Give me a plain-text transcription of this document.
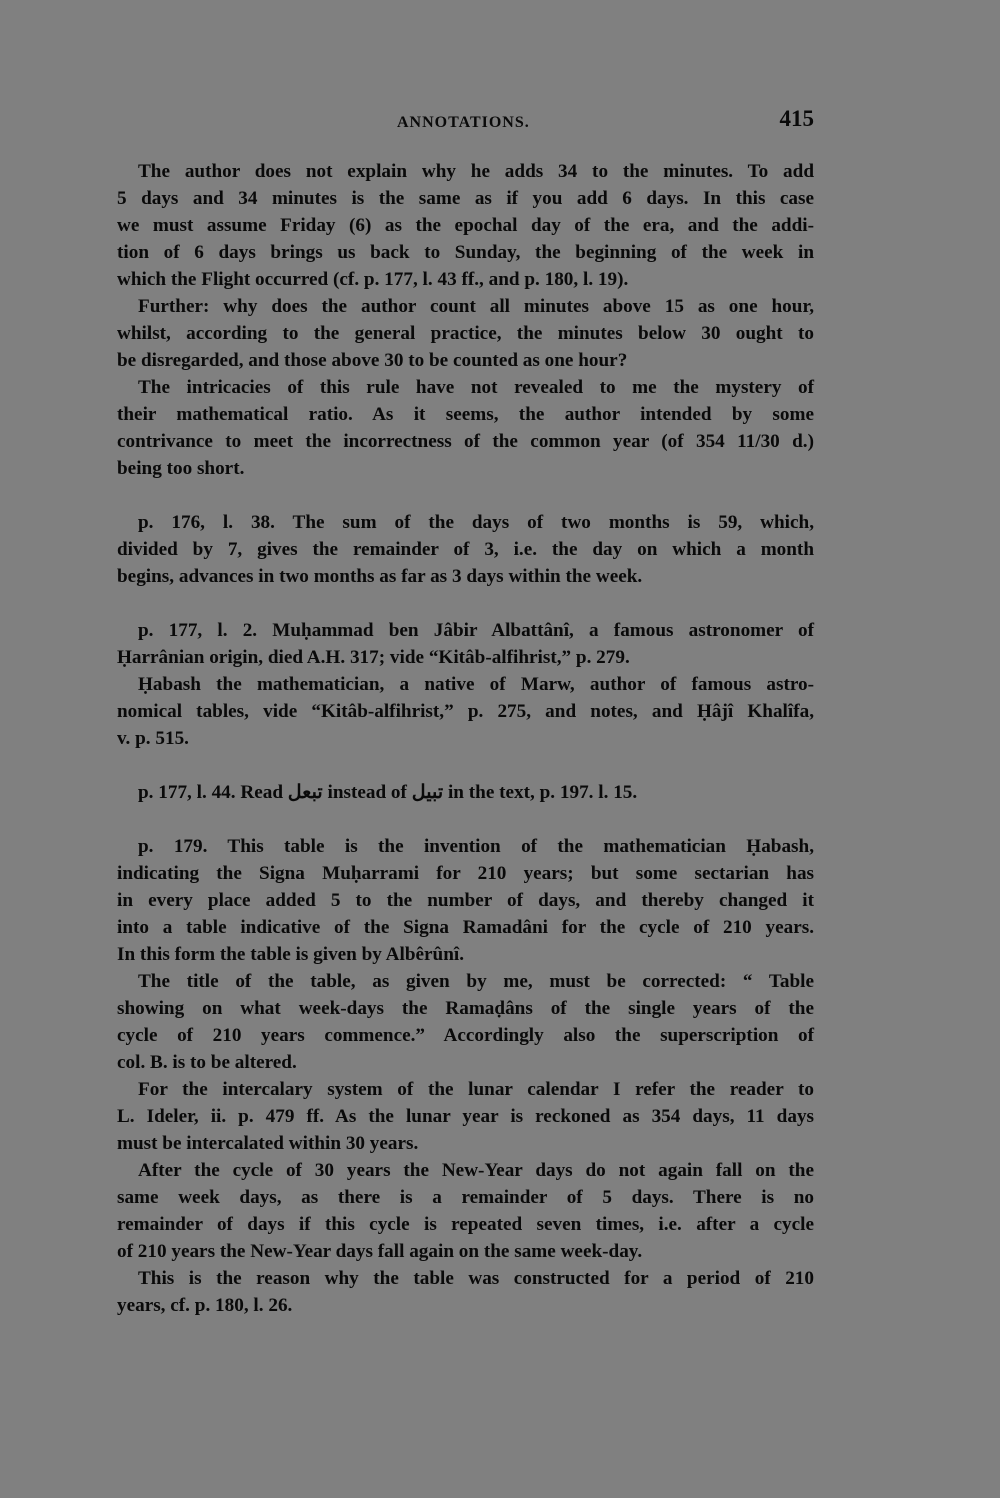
ANNOTATIONS.	415

The author does not explain why he adds 34 to the minutes. To add
5 days and 34 minutes is the same as if you add 6 days. In this case
we must assume Friday (6) as the epochal day of the era, and the addi-
tion of 6 days brings us back to Sunday, the beginning of the week in
which the Flight occurred (cf. p. 177, l. 43 ff., and p. 180, l. 19).

Further: why does the author count all minutes above 15 as one hour,
whilst, according to the general practice, the minutes below 30 ought to
be disregarded, and those above 30 to be counted as one hour?

The intricacies of this rule have not revealed to me the mystery of
their mathematical ratio. As it seems, the author intended by some
contrivance to meet the incorrectness of the common year (of 354 11/30 d.)
being too short.

p. 176, l. 38. The sum of the days of two months is 59, which,
divided by 7, gives the remainder of 3, i.e. the day on which a month
begins, advances in two months as far as 3 days within the week.

p. 177, l. 2. Muḥammad ben Jâbir Albattânî, a famous astronomer of
Ḥarrânian origin, died A.H. 317; vide “Kitâb-alfihrist,” p. 279.

Ḥabash the mathematician, a native of Marw, author of famous astro-
nomical tables, vide “Kitâb-alfihrist,” p. 275, and notes, and Ḥâjî Khalîfa,
v. p. 515.

p. 177, l. 44. Read تبعل instead of تبيل in the text, p. 197. l. 15.

p. 179. This table is the invention of the mathematician Ḥabash,
indicating the Signa Muḥarrami for 210 years; but some sectarian has
in every place added 5 to the number of days, and thereby changed it
into a table indicative of the Signa Ramadâni for the cycle of 210 years.
In this form the table is given by Albêrûnî.

The title of the table, as given by me, must be corrected: “ Table
showing on what week-days the Ramaḍâns of the single years of the
cycle of 210 years commence.” Accordingly also the superscription of
col. B. is to be altered.

For the intercalary system of the lunar calendar I refer the reader to
L. Ideler, ii. p. 479 ff. As the lunar year is reckoned as 354 days, 11 days
must be intercalated within 30 years.

After the cycle of 30 years the New-Year days do not again fall on the
same week days, as there is a remainder of 5 days. There is no
remainder of days if this cycle is repeated seven times, i.e. after a cycle
of 210 years the New-Year days fall again on the same week-day.

This is the reason why the table was constructed for a period of 210
years, cf. p. 180, l. 26.
